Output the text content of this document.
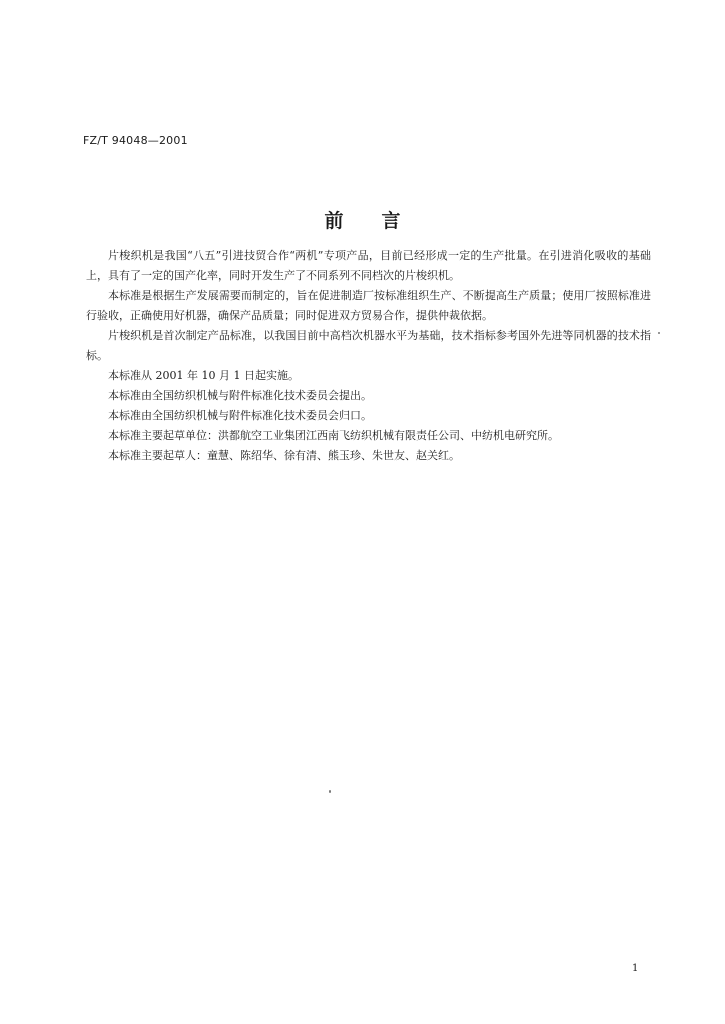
FZ/T 94048—2001
前言

片梭织机是我国“八五”引进技贸合作“两机”专项产品，目前已经形成一定的生产批量。在引进消化吸收的基础上，具有了一定的国产化率，同时开发生产了不同系列不同档次的片梭织机。

本标准是根据生产发展需要而制定的，旨在促进制造厂按标准组织生产、不断提高生产质量；使用厂按照标准进行验收，正确使用好机器，确保产品质量；同时促进双方贸易合作，提供仲裁依据。

片梭织机是首次制定产品标准，以我国目前中高档次机器水平为基础，技术指标参考国外先进等同机器的技术指标。

本标准从 2001 年 10 月 1 日起实施。

本标准由全国纺织机械与附件标准化技术委员会提出。

本标准由全国纺织机械与附件标准化技术委员会归口。

本标准主要起草单位：洪都航空工业集团江西南飞纺织机械有限责任公司、中纺机电研究所。

本标准主要起草人：童慧、陈绍华、徐有清、熊玉珍、朱世友、赵关红。

1
